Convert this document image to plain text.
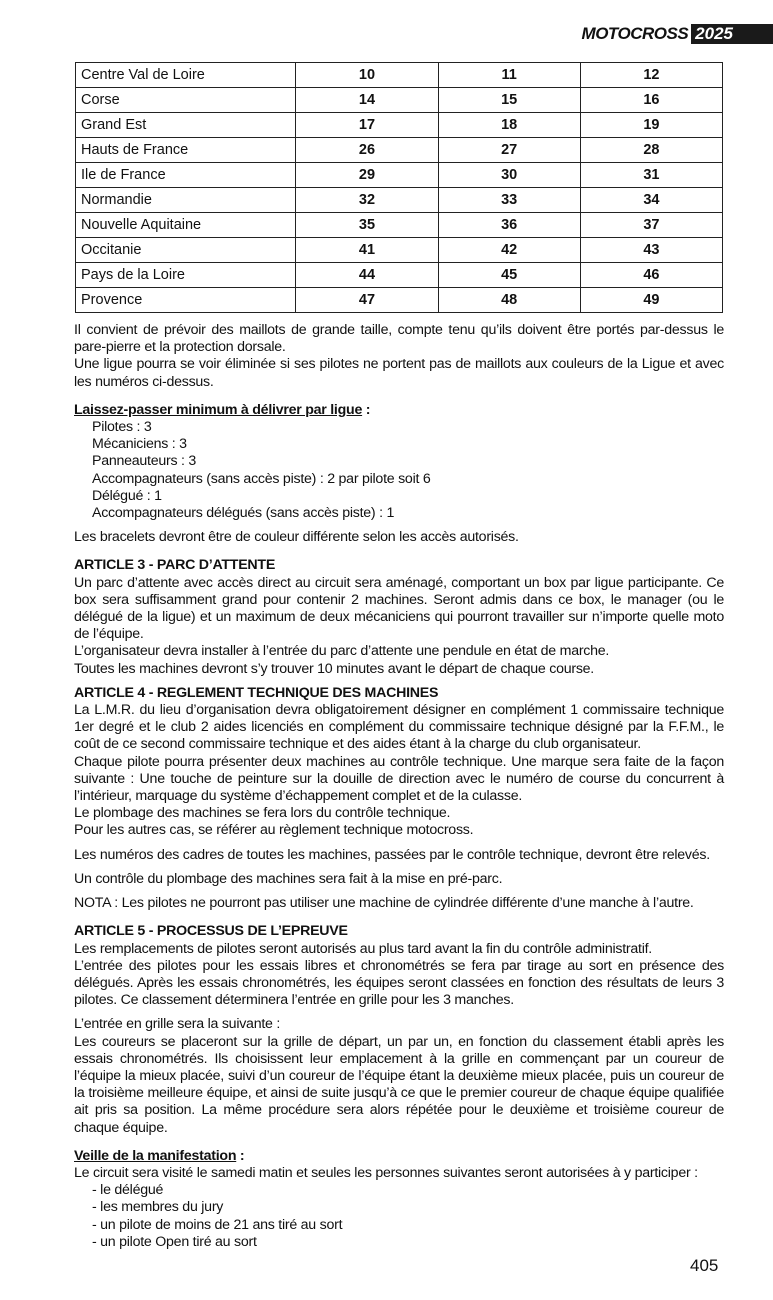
MOTOCROSS 2025
Centre Val de Loire	10	11	12
Corse	14	15	16
Grand Est	17	18	19
Hauts de France	26	27	28
Ile de France	29	30	31
Normandie	32	33	34
Nouvelle Aquitaine	35	36	37
Occitanie	41	42	43
Pays de la Loire	44	45	46
Provence	47	48	49

Il convient de prévoir des maillots de grande taille, compte tenu qu’ils doivent être portés par-dessus le pare-pierre et la protection dorsale.

Une ligue pourra se voir éliminée si ses pilotes ne portent pas de maillots aux couleurs de la Ligue et avec les numéros ci-dessus.

Laissez-passer minimum à délivrer par ligue :

Pilotes : 3

Mécaniciens : 3

Panneauteurs : 3

Accompagnateurs (sans accès piste) : 2 par pilote soit 6

Délégué : 1

Accompagnateurs délégués (sans accès piste) : 1

Les bracelets devront être de couleur différente selon les accès autorisés.

ARTICLE 3 - PARC D’ATTENTE

Un parc d’attente avec accès direct au circuit sera aménagé, comportant un box par ligue participante. Ce box sera suffisamment grand pour contenir 2 machines. Seront admis dans ce box, le manager (ou le délégué de la ligue) et un maximum de deux mécaniciens qui pourront travailler sur n’importe quelle moto de l’équipe.

L’organisateur devra installer à l’entrée du parc d’attente une pendule en état de marche.

Toutes les machines devront s’y trouver 10 minutes avant le départ de chaque course.

ARTICLE 4 - REGLEMENT TECHNIQUE DES MACHINES

La L.M.R. du lieu d’organisation devra obligatoirement désigner en complément 1 commissaire technique 1er degré et le club 2 aides licenciés en complément du commissaire technique désigné par la F.F.M., le coût de ce second commissaire technique et des aides étant à la charge du club organisateur.

Chaque pilote pourra présenter deux machines au contrôle technique. Une marque sera faite de la façon suivante : Une touche de peinture sur la douille de direction avec le numéro de course du concurrent à l’intérieur, marquage du système d’échappement complet et de la culasse.

Le plombage des machines se fera lors du contrôle technique.

Pour les autres cas, se référer au règlement technique motocross.

Les numéros des cadres de toutes les machines, passées par le contrôle technique, devront être relevés.

Un contrôle du plombage des machines sera fait à la mise en pré-parc.

NOTA : Les pilotes ne pourront pas utiliser une machine de cylindrée différente d’une manche à l’autre.

ARTICLE 5 - PROCESSUS DE L’EPREUVE

Les remplacements de pilotes seront autorisés au plus tard avant la fin du contrôle administratif.

L’entrée des pilotes pour les essais libres et chronométrés se fera par tirage au sort en présence des délégués. Après les essais chronométrés, les équipes seront classées en fonction des résultats de leurs 3 pilotes. Ce classement déterminera l’entrée en grille pour les 3 manches.

L’entrée en grille sera la suivante :

Les coureurs se placeront sur la grille de départ, un par un, en fonction du classement établi après les essais chronométrés. Ils choisissent leur emplacement à la grille en commençant par un coureur de l’équipe la mieux placée, suivi d’un coureur de l’équipe étant la deuxième mieux placée, puis un coureur de la troisième meilleure équipe, et ainsi de suite jusqu’à ce que le premier coureur de chaque équipe qualifiée ait pris sa position. La même procédure sera alors répétée pour le deuxième et troisième coureur de chaque équipe.

Veille de la manifestation :

Le circuit sera visité le samedi matin et seules les personnes suivantes seront autorisées à y participer :

- le délégué

- les membres du jury

- un pilote de moins de 21 ans tiré au sort

- un pilote Open tiré au sort

405
